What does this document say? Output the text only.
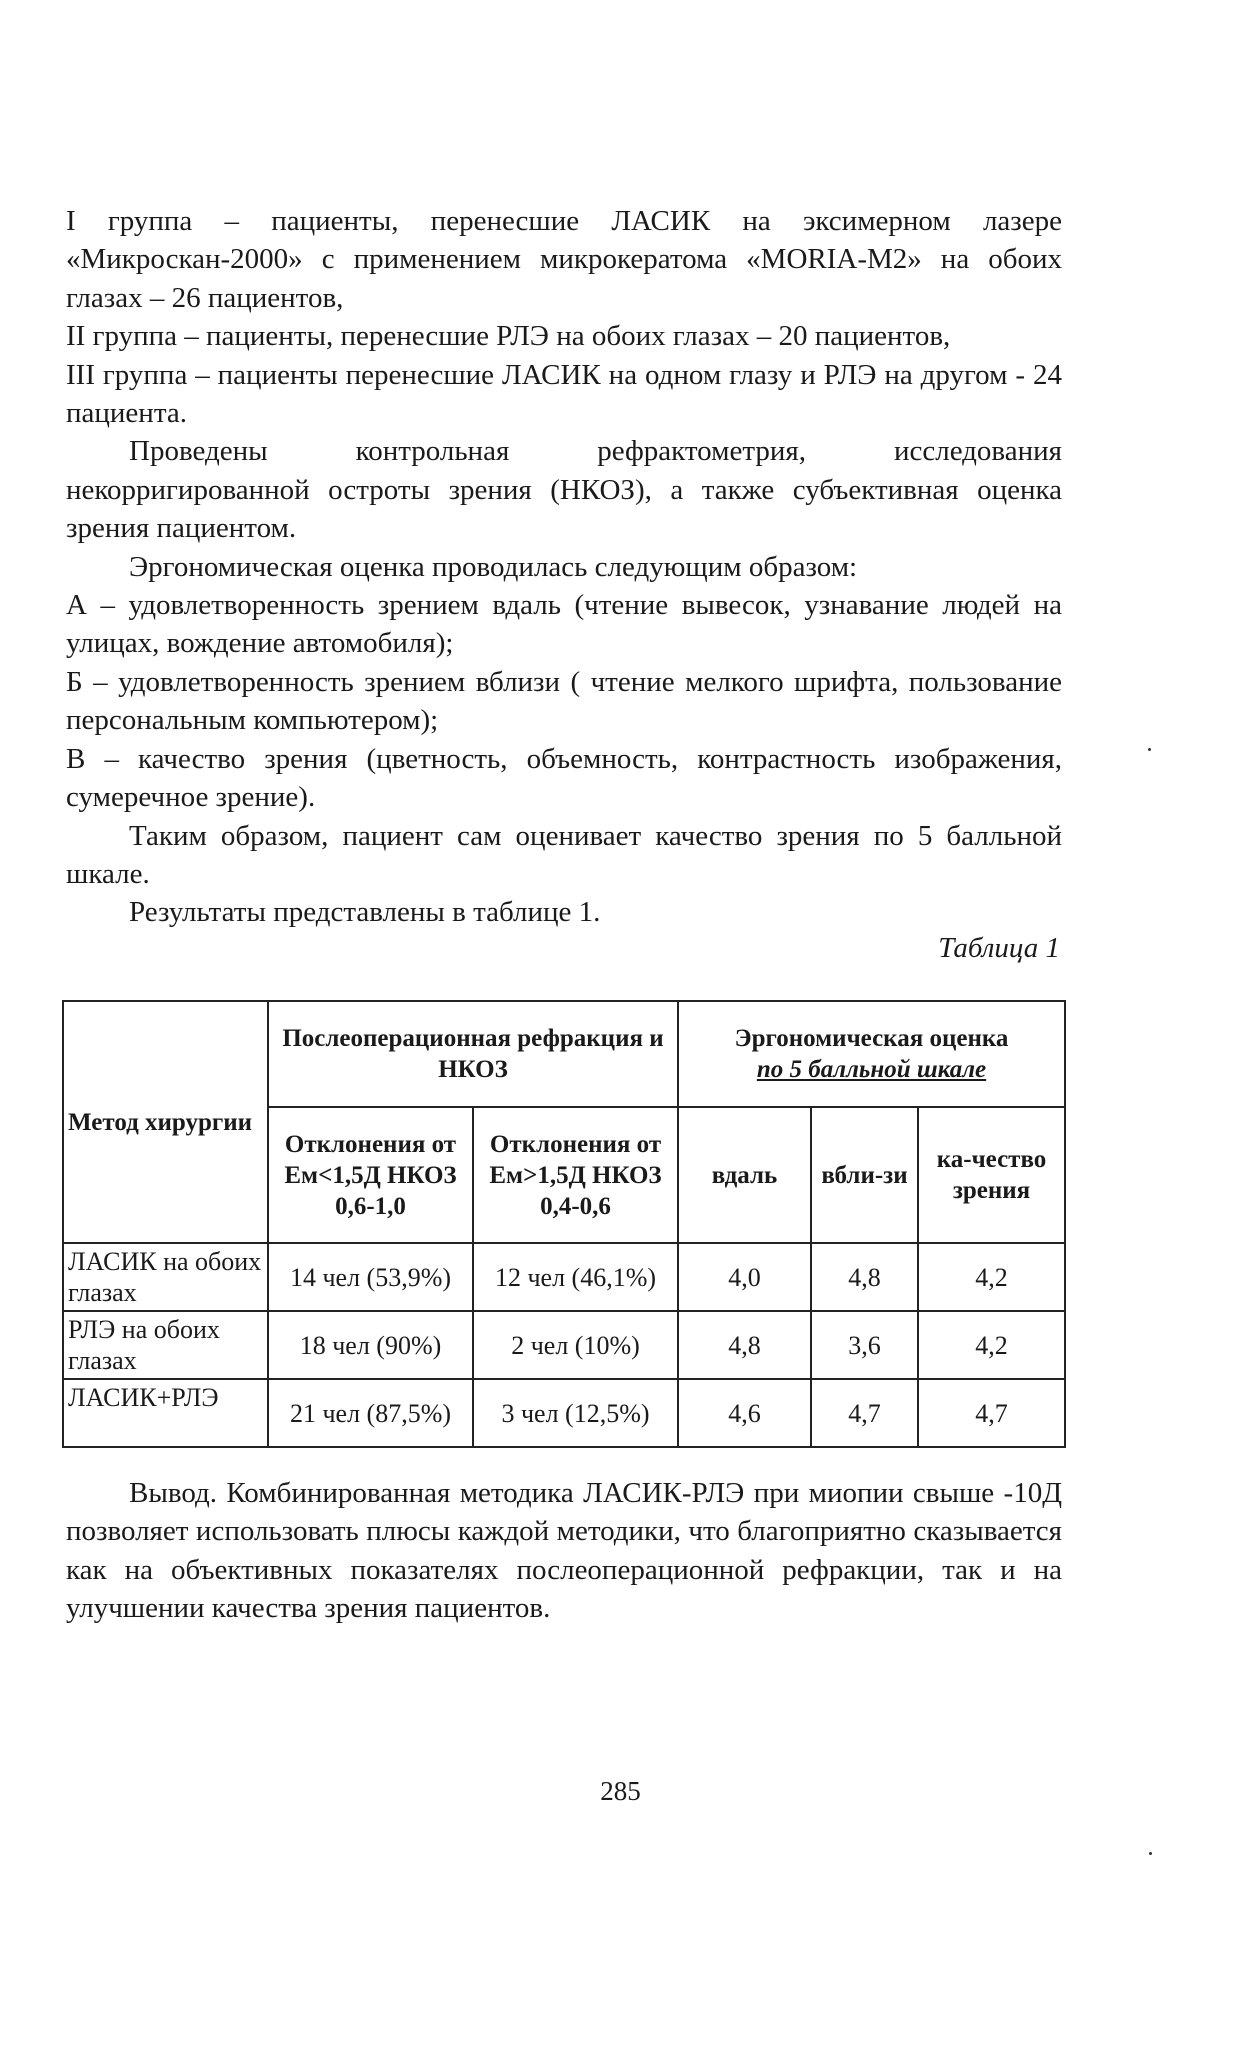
I группа – пациенты, перенесшие ЛАСИК на эксимерном лазере «Микроскан-2000» с применением микрокератома «MORIA-M2» на обоих глазах – 26 пациентов,

II группа – пациенты, перенесшие РЛЭ на обоих глазах – 20 пациентов,

III группа – пациенты перенесшие ЛАСИК на одном глазу и РЛЭ на другом - 24 пациента.

Проведены контрольная рефрактометрия, исследования некорригированной остроты зрения (НКОЗ), а также субъективная оценка зрения пациентом.

Эргономическая оценка проводилась следующим образом:

А – удовлетворенность зрением вдаль (чтение вывесок, узнавание людей на улицах, вождение автомобиля);

Б – удовлетворенность зрением вблизи ( чтение мелкого шрифта, пользование персональным компьютером);

В – качество зрения (цветность, объемность, контрастность изображения, сумеречное зрение).

Таким образом, пациент сам оценивает качество зрения по 5 балльной шкале.

Результаты представлены в таблице 1.

Таблица 1
Метод хирургии	Послеоперационная рефракция и НКОЗ		Эргономическая оценка
по 5 балльной шкале		
	Отклонения от Eм<1,5Д НКОЗ 0,6-1,0	Отклонения от Eм>1,5Д НКОЗ 0,4-0,6	вдаль	вбли-зи	ка-чество зрения
ЛАСИК на обоих глазах	14 чел (53,9%)	12 чел (46,1%)	4,0	4,8	4,2
РЛЭ на обоих глазах	18 чел (90%)	2 чел (10%)	4,8	3,6	4,2
ЛАСИК+РЛЭ	21 чел (87,5%)	3 чел (12,5%)	4,6	4,7	4,7

Вывод. Комбинированная методика ЛАСИК-РЛЭ при миопии свыше -10Д позволяет использовать плюсы каждой методики, что благоприятно сказывается как на объективных показателях послеоперационной рефракции, так и на улучшении качества зрения пациентов.

285
